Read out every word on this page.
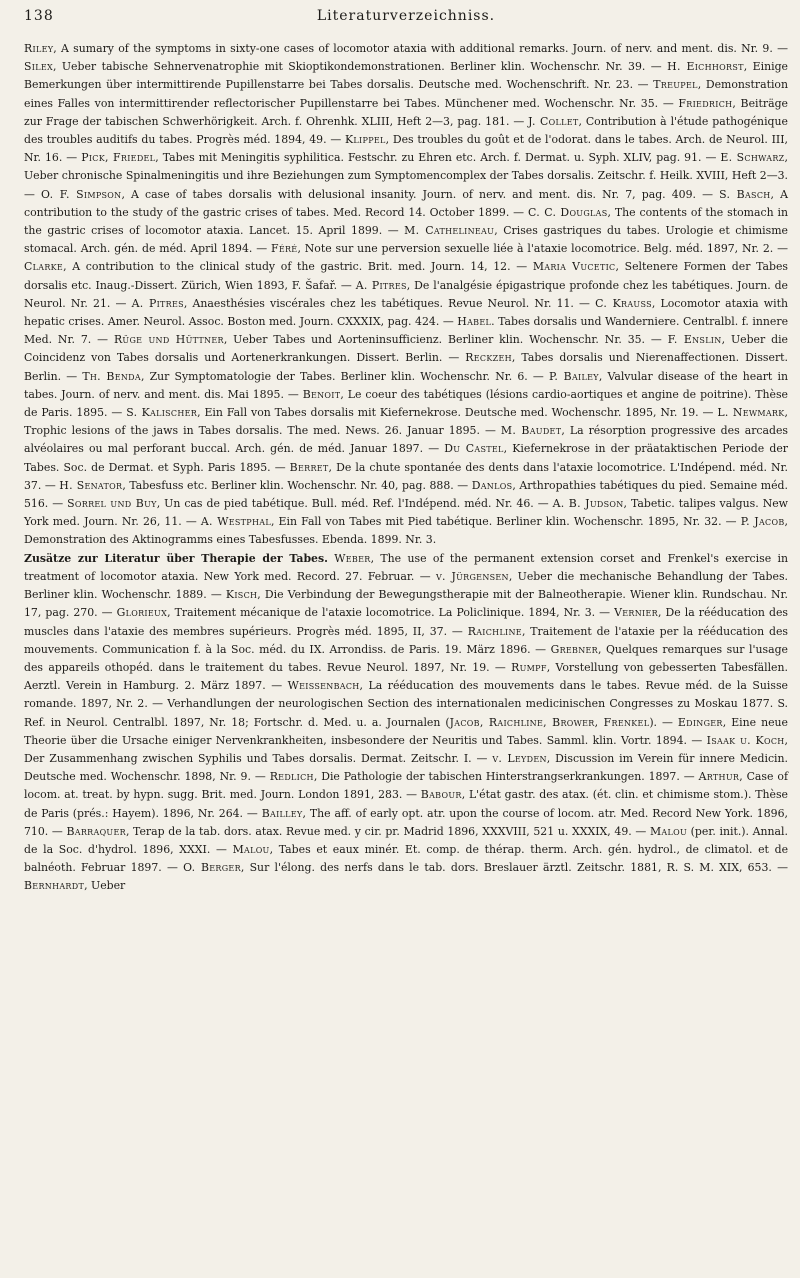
138	Literaturverzeichniss.

Riley, A sumary of the symptoms in sixty-one cases of locomotor ataxia with additional remarks. Journ. of nerv. and ment. dis. Nr. 9. — Silex, Ueber tabische Sehnervenatrophie mit Skioptikondemonstrationen. Berliner klin. Wochenschr. Nr. 39. — H. Eichhorst, Einige Bemerkungen über intermittirende Pupillenstarre bei Tabes dorsalis. Deutsche med. Wochenschrift. Nr. 23. — Treupel, Demonstration eines Falles von intermittirender reflectorischer Pupillenstarre bei Tabes. Münchener med. Wochenschr. Nr. 35. — Friedrich, Beiträge zur Frage der tabischen Schwerhörigkeit. Arch. f. Ohrenhk. XLIII, Heft 2—3, pag. 181. — J. Collet, Contribution à l'étude pathogénique des troubles auditifs du tabes. Progrès méd. 1894, 49. — Klippel, Des troubles du goût et de l'odorat. dans le tabes. Arch. de Neurol. III, Nr. 16. — Pick, Friedel, Tabes mit Meningitis syphilitica. Festschr. zu Ehren etc. Arch. f. Dermat. u. Syph. XLIV, pag. 91. — E. Schwarz, Ueber chronische Spinalmeningitis und ihre Beziehungen zum Symptomencomplex der Tabes dorsalis. Zeitschr. f. Heilk. XVIII, Heft 2—3. — O. F. Simpson, A case of tabes dorsalis with delusional insanity. Journ. of nerv. and ment. dis. Nr. 7, pag. 409. — S. Basch, A contribution to the study of the gastric crises of tabes. Med. Record 14. October 1899. — C. C. Douglas, The contents of the stomach in the gastric crises of locomotor ataxia. Lancet. 15. April 1899. — M. Cathelineau, Crises gastriques du tabes. Urologie et chimisme stomacal. Arch. gén. de méd. April 1894. — Féré, Note sur une perversion sexuelle liée à l'ataxie locomotrice. Belg. méd. 1897, Nr. 2. — Clarke, A contribution to the clinical study of the gastric. Brit. med. Journ. 14, 12. — Maria Vucetic, Seltenere Formen der Tabes dorsalis etc. Inaug.-Dissert. Zürich, Wien 1893, F. Šafař. — A. Pitres, De l'analgésie épigastrique profonde chez les tabétiques. Journ. de Neurol. Nr. 21. — A. Pitres, Anaesthésies viscérales chez les tabétiques. Revue Neurol. Nr. 11. — C. Krauss, Locomotor ataxia with hepatic crises. Amer. Neurol. Assoc. Boston med. Journ. CXXXIX, pag. 424. — Habel. Tabes dorsalis und Wanderniere. Centralbl. f. innere Med. Nr. 7. — Rüge und Hüttner, Ueber Tabes und Aorteninsufficienz. Berliner klin. Wochenschr. Nr. 35. — F. Enslin, Ueber die Coincidenz von Tabes dorsalis und Aortenerkrankungen. Dissert. Berlin. — Reckzeh, Tabes dorsalis und Nierenaffectionen. Dissert. Berlin. — Th. Benda, Zur Symptomatologie der Tabes. Berliner klin. Wochenschr. Nr. 6. — P. Bailey, Valvular disease of the heart in tabes. Journ. of nerv. and ment. dis. Mai 1895. — Benoit, Le coeur des tabétiques (lésions cardio-aortiques et angine de poitrine). Thèse de Paris. 1895. — S. Kalischer, Ein Fall von Tabes dorsalis mit Kiefernekrose. Deutsche med. Wochenschr. 1895, Nr. 19. — L. Newmark, Trophic lesions of the jaws in Tabes dorsalis. The med. News. 26. Januar 1895. — M. Baudet, La résorption progressive des arcades alvéolaires ou mal perforant buccal. Arch. gén. de méd. Januar 1897. — Du Castel, Kiefernekrose in der präataktischen Periode der Tabes. Soc. de Dermat. et Syph. Paris 1895. — Berret, De la chute spontanée des dents dans l'ataxie locomotrice. L'Indépend. méd. Nr. 37. — H. Senator, Tabesfuss etc. Berliner klin. Wochenschr. Nr. 40, pag. 888. — Danlos, Arthropathies tabétiques du pied. Semaine méd. 516. — Sorrel und Buy, Un cas de pied tabétique. Bull. méd. Ref. l'Indépend. méd. Nr. 46. — A. B. Judson, Tabetic. talipes valgus. New York med. Journ. Nr. 26, 11. — A. Westphal, Ein Fall von Tabes mit Pied tabétique. Berliner klin. Wochenschr. 1895, Nr. 32. — P. Jacob, Demonstration des Aktinogramms eines Tabesfusses. Ebenda. 1899. Nr. 3.

Zusätze zur Literatur über Therapie der Tabes. Weber, The use of the permanent extension corset and Frenkel's exercise in treatment of locomotor ataxia. New York med. Record. 27. Februar. — v. Jürgensen, Ueber die mechanische Behandlung der Tabes. Berliner klin. Wochenschr. 1889. — Kisch, Die Verbindung der Bewegungstherapie mit der Balneotherapie. Wiener klin. Rundschau. Nr. 17, pag. 270. — Glorieux, Traitement mécanique de l'ataxie locomotrice. La Policlinique. 1894, Nr. 3. — Vernier, De la rééducation des muscles dans l'ataxie des membres supérieurs. Progrès méd. 1895, II, 37. — Raichline, Traitement de l'ataxie per la rééducation des mouvements. Communication f. à la Soc. méd. du IX. Arrondiss. de Paris. 19. März 1896. — Grebner, Quelques remarques sur l'usage des appareils othopéd. dans le traitement du tabes. Revue Neurol. 1897, Nr. 19. — Rumpf, Vorstellung von gebesserten Tabesfällen. Aerztl. Verein in Hamburg. 2. März 1897. — Weissenbach, La rééducation des mouvements dans le tabes. Revue méd. de la Suisse romande. 1897, Nr. 2. — Verhandlungen der neurologischen Section des internationalen medicinischen Congresses zu Moskau 1877. S. Ref. in Neurol. Centralbl. 1897, Nr. 18; Fortschr. d. Med. u. a. Journalen (Jacob, Raichline, Brower, Frenkel). — Edinger, Eine neue Theorie über die Ursache einiger Nervenkrankheiten, insbesondere der Neuritis und Tabes. Samml. klin. Vortr. 1894. — Isaak u. Koch, Der Zusammenhang zwischen Syphilis und Tabes dorsalis. Dermat. Zeitschr. I. — v. Leyden, Discussion im Verein für innere Medicin. Deutsche med. Wochenschr. 1898, Nr. 9. — Redlich, Die Pathologie der tabischen Hinterstrangserkrankungen. 1897. — Arthur, Case of locom. at. treat. by hypn. sugg. Brit. med. Journ. London 1891, 283. — Babour, L'état gastr. des atax. (ét. clin. et chimisme stom.). Thèse de Paris (prés.: Hayem). 1896, Nr. 264. — Bailley, The aff. of early opt. atr. upon the course of locom. atr. Med. Record New York. 1896, 710. — Barraquer, Terap de la tab. dors. atax. Revue med. y cir. pr. Madrid 1896, XXXVIII, 521 u. XXXIX, 49. — Malou (per. init.). Annal. de la Soc. d'hydrol. 1896, XXXI. — Malou, Tabes et eaux minér. Et. comp. de thérap. therm. Arch. gén. hydrol., de climatol. et de balnéoth. Februar 1897. — O. Berger, Sur l'élong. des nerfs dans le tab. dors. Breslauer ärztl. Zeitschr. 1881, R. S. M. XIX, 653. — Bernhardt, Ueber
